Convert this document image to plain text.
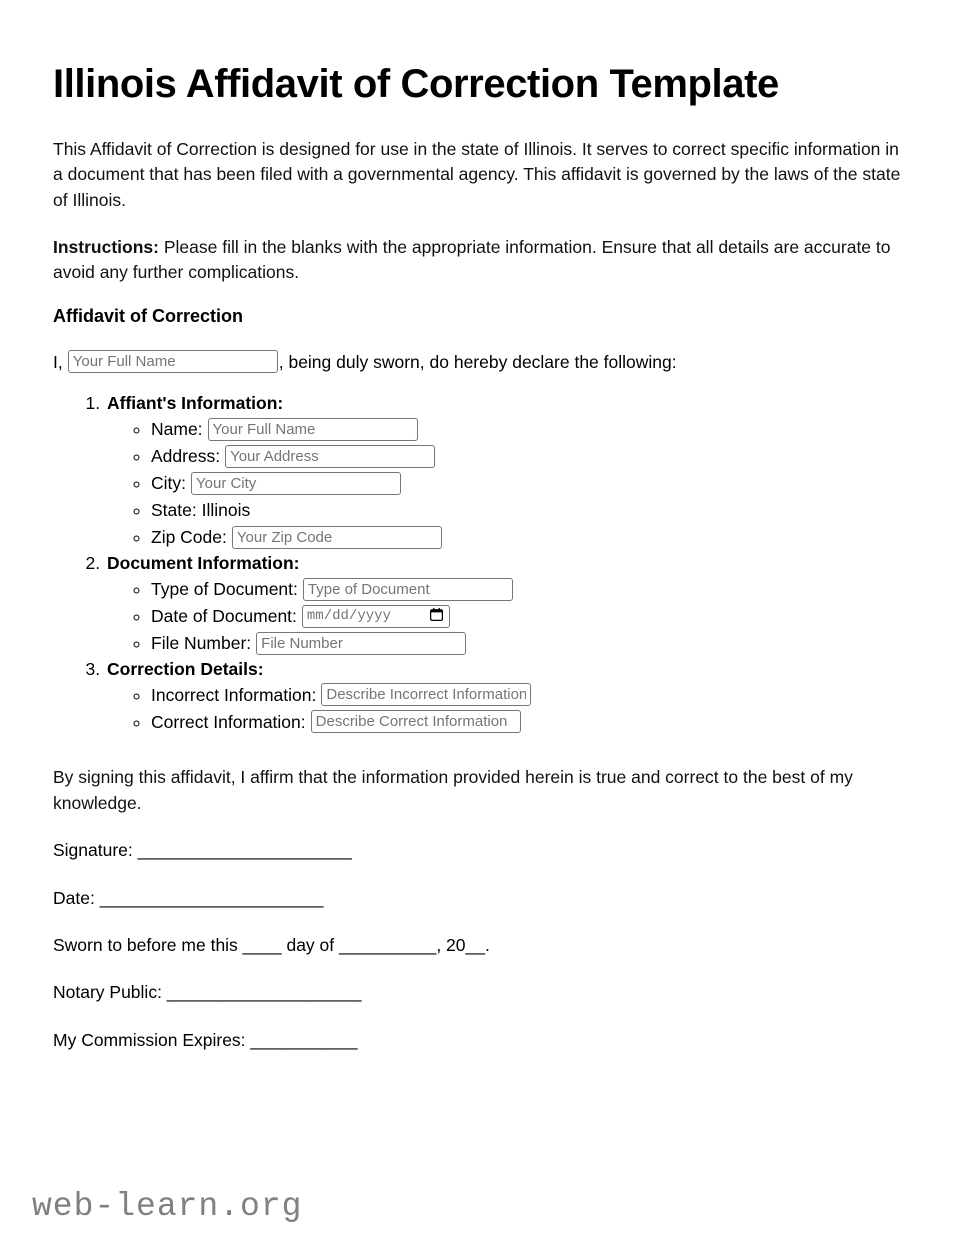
Illinois Affidavit of Correction Template

This Affidavit of Correction is designed for use in the state of Illinois. It serves to correct specific information in a document that has been filed with a governmental agency. This affidavit is governed by the laws of the state of Illinois.

Instructions: Please fill in the blanks with the appropriate information. Ensure that all details are accurate to avoid any further complications.

Affidavit of Correction
I,
Your Full Name	, being duly sworn, do hereby declare the following:
1. Affiant's Information:
◦ Name:
Your Full Name
◦ Address:
Your Address
◦ City:
Your City
◦ State: Illinois
◦ Zip Code:
Your Zip Code
2. Document Information:
◦ Type of Document:
Type of Document
◦ Date of Document:
mm/dd/yyyy
◦ File Number:
File Number
3. Correction Details:
◦ Incorrect Information:
Describe Incorrect Information
◦ Correct Information:
Describe Correct Information

By signing this affidavit, I affirm that the information provided herein is true and correct to the best of my knowledge.

Signature: ______________________

Date: _______________________

Sworn to before me this ____ day of __________, 20__.

Notary Public: ____________________

My Commission Expires: ___________

web-learn.org
